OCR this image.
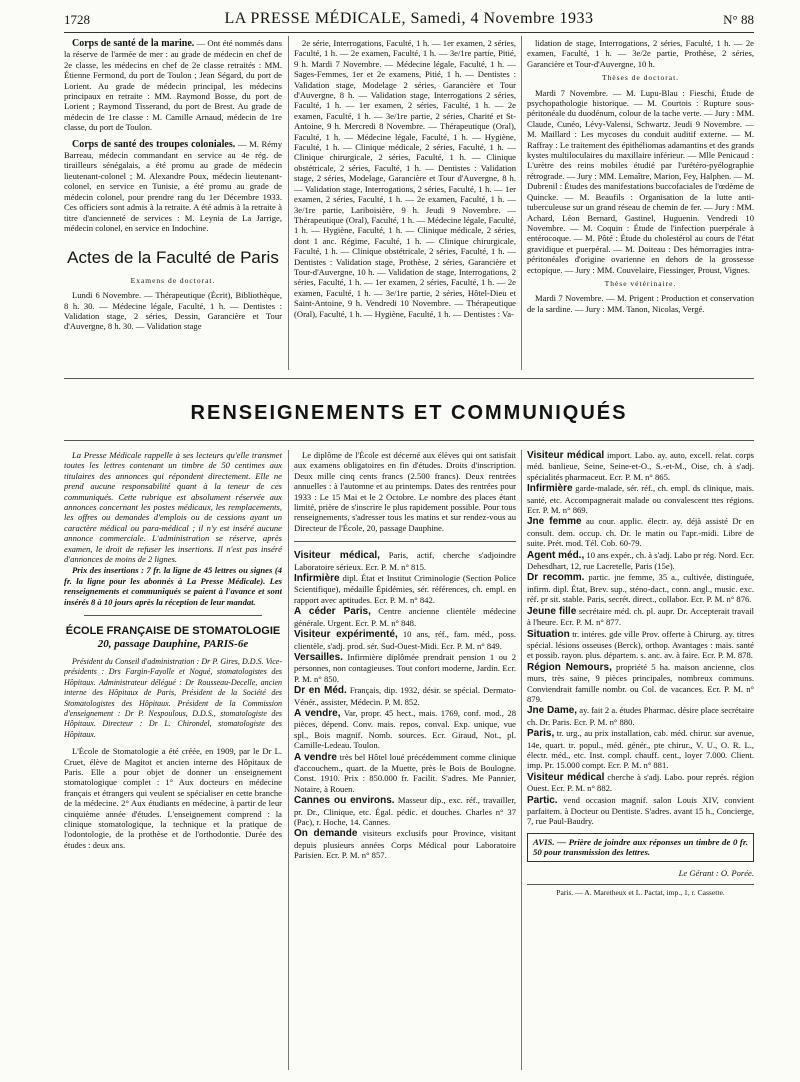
1728	LA PRESSE MÉDICALE, Samedi, 4 Novembre 1933	N° 88

Corps de santé de la marine. — Ont été nommés dans la réserve de l'armée de mer : au grade de médecin en chef de 2e classe, les médecins en chef de 2e classe retraités : MM. Étienne Fermond, du port de Toulon ; Jean Ségard, du port de Lorient. Au grade de médecin principal, les médecins principaux en retraite : MM. Raymond Bosse, du port de Lorient ; Raymond Tisserand, du port de Brest. Au grade de médecin de 1re classe : M. Camille Arnaud, médecin de 1re classe, du port de Toulon.

Corps de santé des troupes coloniales. — M. Rémy Barreau, médecin commandant en service au 4e rég. de tirailleurs sénégalais, a été promu au grade de médecin lieutenant-colonel ; M. Alexandre Poux, médecin lieutenant-colonel, en service en Tunisie, a été promu au grade de médecin colonel, pour prendre rang du 1er Décembre 1933. Ces officiers sont admis à la retraite. A été admis à la retraite à titre d'ancienneté de services : M. Leynia de La Jarrige, médecin colonel, en service en Indochine.

Actes de la Faculté de Paris
Examens de doctorat.

Lundi 6 Novembre. — Thérapeutique (Écrit), Bibliothèque, 8 h. 30. — Médecine légale, Faculté, 1 h. — Dentistes : Validation stage, 2 séries, Dessin, Garancière et Tour d'Auvergne, 8 h. 30. — Validation stage

2e série, Interrogations, Faculté, 1 h. — 1er examen, 2 séries, Faculté, 1 h. — 2e examen, Faculté, 1 h. — 3e/1re partie, Pitié, 9 h. Mardi 7 Novembre. — Médecine légale, Faculté, 1 h. — Sages-Femmes, 1er et 2e examens, Pitié, 1 h. — Dentistes : Validation stage, Modelage 2 séries, Garancière et Tour d'Auvergne, 8 h. — Validation stage, Interrogations 2 séries, Faculté, 1 h. — 1er examen, 2 séries, Faculté, 1 h. — 2e examen, Faculté, 1 h. — 3e/1re partie, 2 séries, Charité et St-Antoine, 9 h. Mercredi 8 Novembre. — Thérapeutique (Oral), Faculté, 1 h. — Médecine légale, Faculté, 1 h. — Hygiène, Faculté, 1 h. — Clinique médicale, 2 séries, Faculté, 1 h. — Clinique chirurgicale, 2 séries, Faculté, 1 h. — Clinique obstétricale, 2 séries, Faculté, 1 h. — Dentistes : Validation stage, 2 séries, Modelage, Garancière et Tour d'Auvergne, 8 h. — Validation stage, Interrogations, 2 séries, Faculté, 1 h. — 1er examen, 2 séries, Faculté, 1 h. — 2e examen, Faculté, 1 h. — 3e/1re partie, Lariboisière, 9 h. Jeudi 9 Novembre. — Thérapeutique (Oral), Faculté, 1 h. — Médecine légale, Faculté, 1 h. — Hygiène, Faculté, 1 h. — Clinique médicale, 2 séries, dont 1 anc. Régime, Faculté, 1 h. — Clinique chirurgicale, Faculté, 1 h. — Clinique obstétricale, 2 séries, Faculté, 1 h. — Dentistes : Validation stage, Prothèse, 2 séries, Garancière et Tour-d'Auvergne, 10 h. — Validation de stage, Interrogations, 2 séries, Faculté, 1 h. — 1er examen, 2 séries, Faculté, 1 h. — 2e examen, Faculté, 1 h. — 3e/1re partie, 2 séries, Hôtel-Dieu et Saint-Antoine, 9 h. Vendredi 10 Novembre. — Thérapeutique (Oral), Faculté, 1 h. — Hygiène, Faculté, 1 h. — Dentistes : Va-

lidation de stage, Interrogations, 2 séries, Faculté, 1 h. — 2e examen, Faculté, 1 h. — 3e/2e partie, Prothèse, 2 séries, Garancière et Tour-d'Auvergne, 10 h.

Thèses de doctorat.

Mardi 7 Novembre. — M. Lupu-Blau : Fieschi, Étude de psychopathologie historique. — M. Courtois : Rupture sous-péritonéale du duodénum, colour de la tache verte. — Jury : MM. Claude, Cunéo, Lévy-Valensi, Schwartz. Jeudi 9 Novembre. — M. Maillard : Les mycoses du conduit auditif externe. — M. Raffray : Le traitement des épithéliomas adamantins et des grands kystes multiloculaires du maxillaire inférieur. — Mlle Penicaud : L'urètre des reins mobiles étudié par l'urétéro-pyélographie rétrograde. — Jury : MM. Lemaître, Marion, Fey, Halphen. — M. Dubrenil : Études des manifestations buccofaciales de l'œdème de Quincke. — M. Beaufils : Organisation de la lutte anti-tuberculeuse sur un grand réseau de chemin de fer. — Jury : MM. Achard, Léon Bernard, Gastinel, Huguenin. Vendredi 10 Novembre. — M. Coquin : Étude de l'infection puerpérale à entérocoque. — M. Pôté : Étude du cholestérol au cours de l'état gravidique et puerpéral. — M. Doiteau : Des hémorragies intra-péritonéales d'origine ovarienne en dehors de la grossesse ectopique. — Jury : MM. Couvelaire, Fiessinger, Proust, Vignes.

Thèse vétérinaire.

Mardi 7 Novembre. — M. Prigent : Production et conservation de la sardine. — Jury : MM. Tanon, Nicolas, Vergé.

RENSEIGNEMENTS ET COMMUNIQUÉS

La Presse Médicale rappelle à ses lecteurs qu'elle transmet toutes les lettres contenant un timbre de 50 centimes aux titulaires des annonces qui répondent directement. Elle ne prend aucune responsabilité quant à la teneur de ces communiqués. Cette rubrique est absolument réservée aux annonces concernant les postes médicaux, les remplacements, les offres ou demandes d'emplois ou de cessions ayant un caractère médical ou para-médical ; il n'y est inséré aucune annonce commerciale. L'administration se réserve, après examen, le droit de refuser les insertions. Il n'est pas inséré d'annonces de moins de 2 lignes.

Prix des insertions : 7 fr. la ligne de 45 lettres ou signes (4 fr. la ligne pour les abonnés à La Presse Médicale). Les renseignements et communiqués se paient à l'avance et sont insérés 8 à 10 jours après la réception de leur mandat.

ÉCOLE FRANÇAISE DE STOMATOLOGIE
20, passage Dauphine, PARIS-6e

Président du Conseil d'administration : Dr P. Gires, D.D.S. Vice-présidents : Drs Fargin-Fayolle et Nogué, stomatologistes des Hôpitaux. Administrateur délégué : Dr Rousseau-Decelle, ancien interne des Hôpitaux de Paris, Président de la Société des Stomatologistes des Hôpitaux. Président de la Commission d'enseignement : Dr P. Nespoulous, D.D.S., stomatologiste des Hôpitaux. Directeur : Dr L. Chirondel, stomatologiste des Hôpitaux.

L'École de Stomatologie a été créée, en 1909, par le Dr L. Cruet, élève de Magitot et ancien interne des Hôpitaux de Paris. Elle a pour objet de donner un enseignement stomatologique complet : 1° Aux docteurs en médecine français et étrangers qui veulent se spécialiser en cette branche de la médecine. 2° Aux étudiants en médecine, à partir de leur cinquième année d'études. L'enseignement comprend : la clinique stomatologique, la technique et la pratique de l'odontologie, de la prothèse et de l'orthodontie. Durée des études : deux ans.

Le diplôme de l'École est décerné aux élèves qui ont satisfait aux examens obligatoires en fin d'études. Droits d'inscription. Deux mille cinq cents francs (2.500 francs). Deux rentrées annuelles : à l'automne et au printemps. Dates des rentrées pour 1933 : Le 15 Mai et le 2 Octobre. Le nombre des places étant limité, prière de s'inscrire le plus rapidement possible. Pour tous renseignements, s'adresser tous les matins et sur rendez-vous au Directeur de l'École, 20, passage Dauphine.

Visiteur médical, Paris, actif, cherche s'adjoindre Laboratoire sérieux. Ecr. P. M. n° 815.

Infirmière dipl. État et Institut Criminologie (Section Police Scientifique), médaille Épidémies, sér. références, ch. empl. en rapport avec aptitudes. Ecr. P. M. n° 842.

A céder Paris, Centre ancienne clientèle médecine générale. Urgent. Ecr. P. M. n° 848.

Visiteur expérimenté, 10 ans, réf., fam. méd., poss. clientèle, s'adj. prod. sér. Sud-Ouest-Midi. Ecr. P. M. n° 849.

Versailles. Infirmière diplômée prendrait pension 1 ou 2 personnes, non contagieuses. Tout confort moderne, Jardin. Ecr. P. M. n° 850.

Dr en Méd. Français, dip. 1932, désir. se spécial. Dermato-Vénér., assister, Médecin. P. M. 852.

A vendre, Var, propr. 45 hect., mais. 1769, conf. mod., 28 pièces, dépend. Conv. mais. repos, conval. Exp. unique, vue spl., Bois magnif. Nomb. sources. Ecr. Giraud, Not., pl. Camille-Ledeau. Toulon.

A vendre très bel Hôtel loué précédemment comme clinique d'accouchem., quart. de la Muette, près le Bois de Boulogne. Const. 1910. Prix : 850.000 fr. Facilit. S'adres. Me Pannier, Notaire, à Rouen.

Cannes ou environs. Masseur dip., exc. réf., travailler, pr. Dr., Clinique, etc. Égal. pédic. et douches. Charles n° 37 (Pac), r. Hoche, 14. Cannes.

On demande visiteurs exclusifs pour Province, visitant depuis plusieurs années Corps Médical pour Laboratoire Parisien. Ecr. P. M. n° 857.

Visiteur médical import. Labo. ay. auto, excell. relat. corps méd. banlieue, Seine, Seine-et-O., S.-et-M., Oise, ch. à s'adj. spécialités pharmaceut. Ecr. P. M. n° 865.

Infirmière garde-malade, sér. réf., ch. empl. ds clinique, mais. santé, etc. Accompagnerait malade ou convalescent ttes régions. Ecr. P. M. n° 869.

Jne femme au cour. applic. électr. ay. déjà assisté Dr en consult. dem. occup. ch. Dr. le matin ou l'apr.-midi. Libre de suite. Prét. mod. Tél. Cob. 60-79.

Agent méd., 10 ans expér., ch. à s'adj. Labo pr rég. Nord. Ecr. Dehesdhart, 12, rue Lacretelle, Paris (15e).

Dr recomm. partic. jne femme, 35 a., cultivée, distinguée, infirm. dipl. État, Brev. sup., sténo-dact., conn. angl., music. exc. réf. pr sit. stable. Paris, secrét. direct., collabor. Ecr. P. M. n° 876.

Jeune fille secrétaire méd. ch. pl. aupr. Dr. Accepterait travail à l'heure. Ecr. P. M. n° 877.

Situation tr. intéres. gde ville Prov. offerte à Chirurg. ay. titres spécial. lésions osseuses (Berck), orthop. Avantages : mais. santé et possib. rayon. plus. départem. s. anc. av. à faire. Ecr. P. M. 878.

Région Nemours, propriété 5 ha. maison ancienne, clos murs, très saine, 9 pièces principales, nombreux communs. Conviendrait famille nombr. ou Col. de vacances. Ecr. P. M. n° 879.

Jne Dame, ay. fait 2 a. études Pharmac. désire place secrétaire ch. Dr. Paris. Ecr. P. M. n° 880.

Paris, tr. urg., au prix installation, cab. méd. chirur. sur avenue, 14e, quart. tr. popul., méd. génér., pte chirur., V. U., O. R. L., électr. méd., etc. Inst. compl. chauff. cent., loyer 7.000. Client. imp. Pr. 15.000 compt. Ecr. P. M. n° 881.

Visiteur médical cherche à s'adj. Labo. pour représ. région Ouest. Ecr. P. M. n° 882.

Partic. vend occasion magnif. salon Louis XIV, convient parfaitem. à Docteur ou Dentiste. S'adres. avant 15 h., Concierge, 7, rue Paul-Baudry.

AVIS. — Prière de joindre aux réponses un timbre de 0 fr. 50 pour transmission des lettres.
Le Gérant : O. Porée.
Paris. — A. Maretheux et L. Pactat, imp., 1, r. Cassette.
